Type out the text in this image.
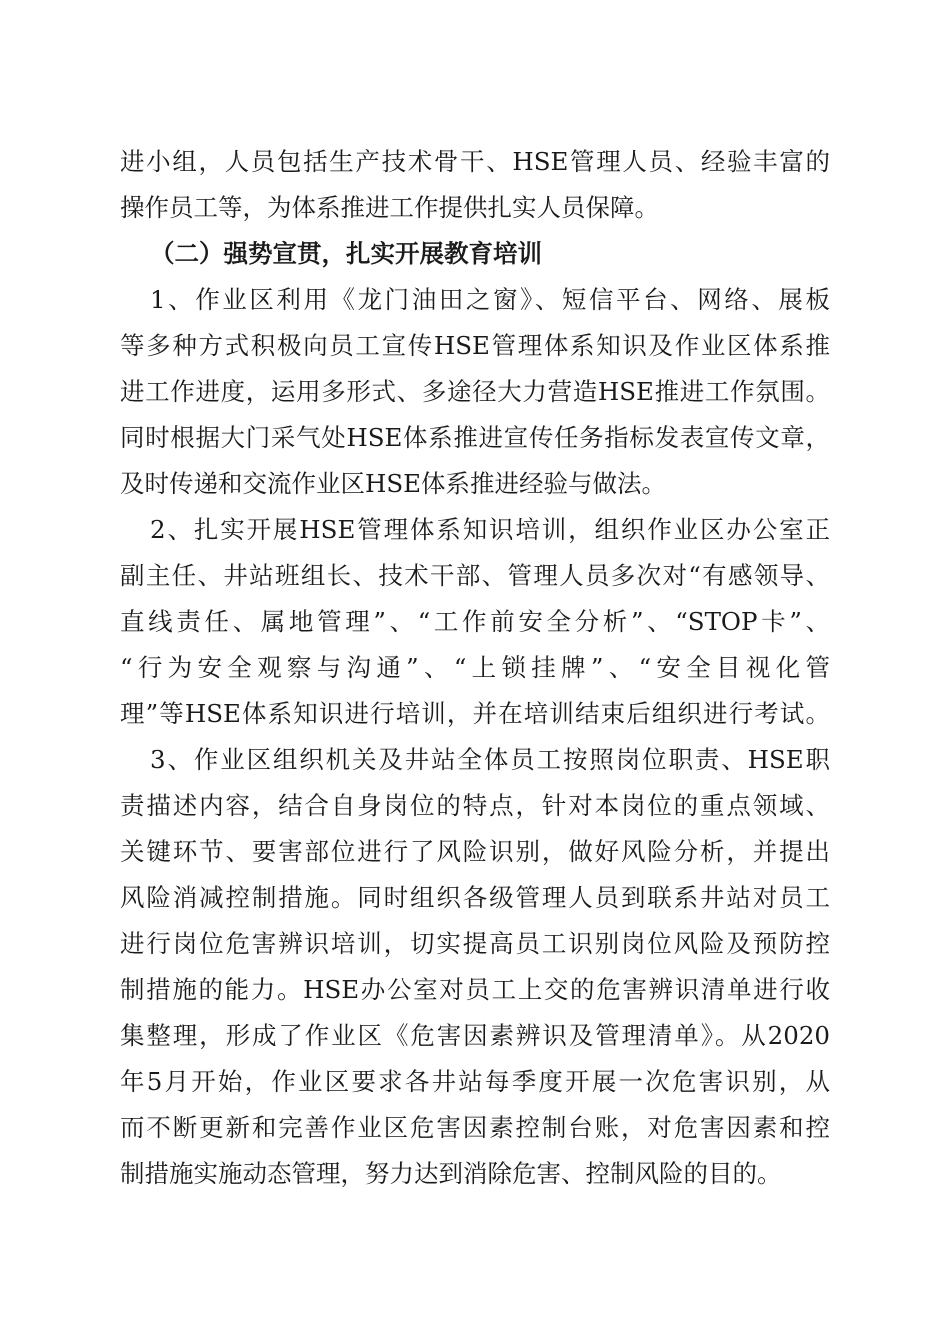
进小组，人员包括生产技术骨干、HSE管理人员、经验丰富的
操作员工等，为体系推进工作提供扎实人员保障。
（二）强势宣贯，扎实开展教育培训
1、作业区利用《龙门油田之窗》、短信平台、网络、展板
等多种方式积极向员工宣传HSE管理体系知识及作业区体系推
进工作进度，运用多形式、多途径大力营造HSE推进工作氛围。
同时根据大门采气处HSE体系推进宣传任务指标发表宣传文章，
及时传递和交流作业区HSE体系推进经验与做法。
2、扎实开展HSE管理体系知识培训，组织作业区办公室正
副主任、井站班组长、技术干部、管理人员多次对“有感领导、
直线责任、属地管理”、“工作前安全分析”、“STOP卡”、
“行为安全观察与沟通”、“上锁挂牌”、“安全目视化管
理”等HSE体系知识进行培训，并在培训结束后组织进行考试。
3、作业区组织机关及井站全体员工按照岗位职责、HSE职
责描述内容，结合自身岗位的特点，针对本岗位的重点领域、
关键环节、要害部位进行了风险识别，做好风险分析，并提出
风险消减控制措施。同时组织各级管理人员到联系井站对员工
进行岗位危害辨识培训，切实提高员工识别岗位风险及预防控
制措施的能力。HSE办公室对员工上交的危害辨识清单进行收
集整理，形成了作业区《危害因素辨识及管理清单》。从2020
年5月开始，作业区要求各井站每季度开展一次危害识别，从
而不断更新和完善作业区危害因素控制台账，对危害因素和控
制措施实施动态管理，努力达到消除危害、控制风险的目的。
